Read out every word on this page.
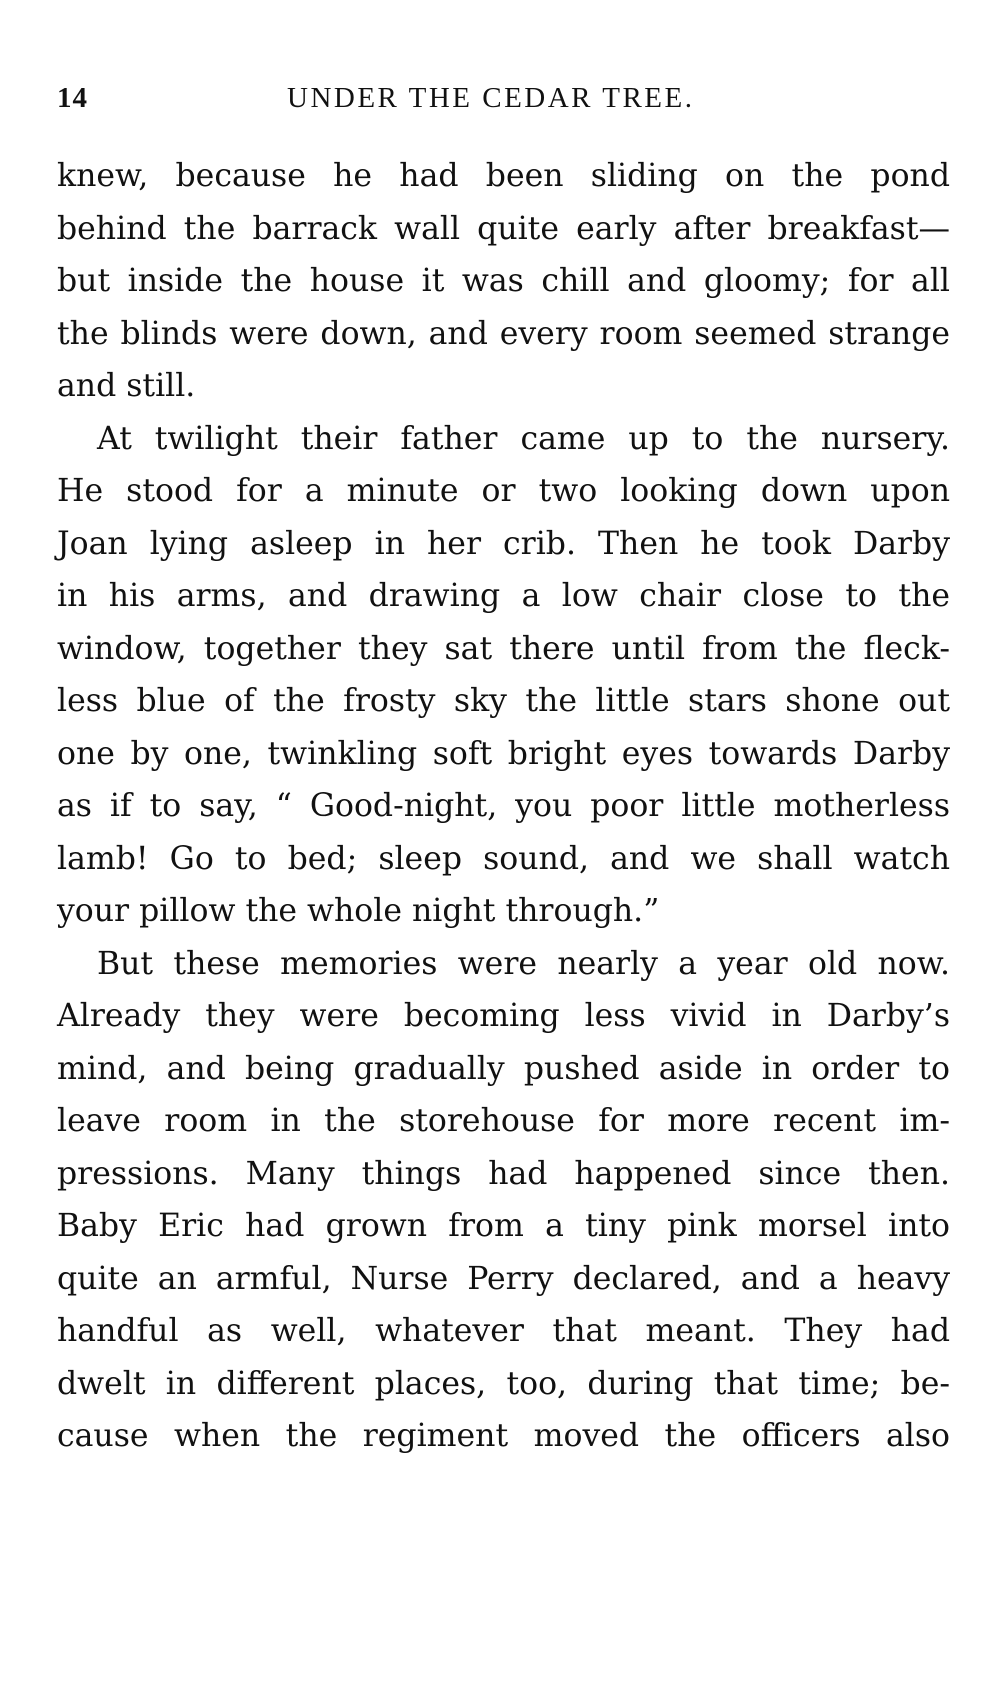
14	UNDER THE CEDAR TREE.
knew, because he had been sliding on the pond
behind the barrack wall quite early after breakfast—
but inside the house it was chill and gloomy; for all
the blinds were down, and every room seemed strange
and still.
At twilight their father came up to the nursery.
He stood for a minute or two looking down upon
Joan lying asleep in her crib. Then he took Darby
in his arms, and drawing a low chair close to the
window, together they sat there until from the fleck-
less blue of the frosty sky the little stars shone out
one by one, twinkling soft bright eyes towards Darby
as if to say, “ Good-night, you poor little motherless
lamb! Go to bed; sleep sound, and we shall watch
your pillow the whole night through.”
But these memories were nearly a year old now.
Already they were becoming less vivid in Darby’s
mind, and being gradually pushed aside in order to
leave room in the storehouse for more recent im-
pressions. Many things had happened since then.
Baby Eric had grown from a tiny pink morsel into
quite an armful, Nurse Perry declared, and a heavy
handful as well, whatever that meant. They had
dwelt in different places, too, during that time; be-
cause when the regiment moved the officers also
